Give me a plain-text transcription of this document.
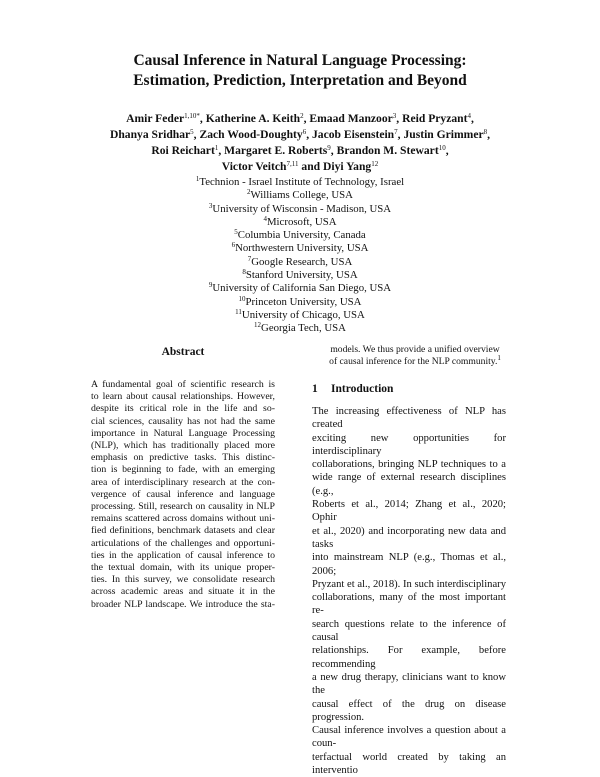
Causal Inference in Natural Language Processing:
Estimation, Prediction, Interpretation and Beyond
Amir Feder$^{1,10*}$, Katherine A. Keith$^2$, Emaad Manzoor$^3$, Reid Pryzant$^4$,
Dhanya Sridhar$^5$, Zach Wood-Doughty$^6$, Jacob Eisenstein$^7$, Justin Grimmer$^8$,
Roi Reichart$^1$, Margaret E. Roberts$^9$, Brandon M. Stewart$^{10}$,
Victor Veitch$^{7,11}$ and Diyi Yang$^{12}$
$^1$Technion - Israel Institute of Technology, Israel
$^2$Williams College, USA
$^3$University of Wisconsin - Madison, USA
$^4$Microsoft, USA
$^5$Columbia University, Canada
$^6$Northwestern University, USA
$^7$Google Research, USA
$^8$Stanford University, USA
$^9$University of California San Diego, USA
$^{10}$Princeton University, USA
$^{11}$University of Chicago, USA
$^{12}$Georgia Tech, USA
Abstract
A fundamental goal of scientific research is
to learn about causal relationships. However,
despite its critical role in the life and so-
cial sciences, causality has not had the same
importance in Natural Language Processing
(NLP), which has traditionally placed more
emphasis on predictive tasks. This distinc-
tion is beginning to fade, with an emerging
area of interdisciplinary research at the con-
vergence of causal inference and language
processing. Still, research on causality in NLP
remains scattered across domains without uni-
fied definitions, benchmark datasets and clear
articulations of the challenges and opportuni-
ties in the application of causal inference to
the textual domain, with its unique proper-
ties. In this survey, we consolidate research
across academic areas and situate it in the
broader NLP landscape. We introduce the sta-
models. We thus provide a unified overview
of causal inference for the NLP community.$^1$
1 Introduction
The increasing effectiveness of NLP has created
exciting new opportunities for interdisciplinary
collaborations, bringing NLP techniques to a
wide range of external research disciplines (e.g.,
Roberts et al., 2014; Zhang et al., 2020; Ophir
et al., 2020) and incorporating new data and tasks
into mainstream NLP (e.g., Thomas et al., 2006;
Pryzant et al., 2018). In such interdisciplinary
collaborations, many of the most important re-
search questions relate to the inference of causal
relationships. For example, before recommending
a new drug therapy, clinicians want to know the
causal effect of the drug on disease progression.
Causal inference involves a question about a coun-
terfactual world created by taking an interventio
